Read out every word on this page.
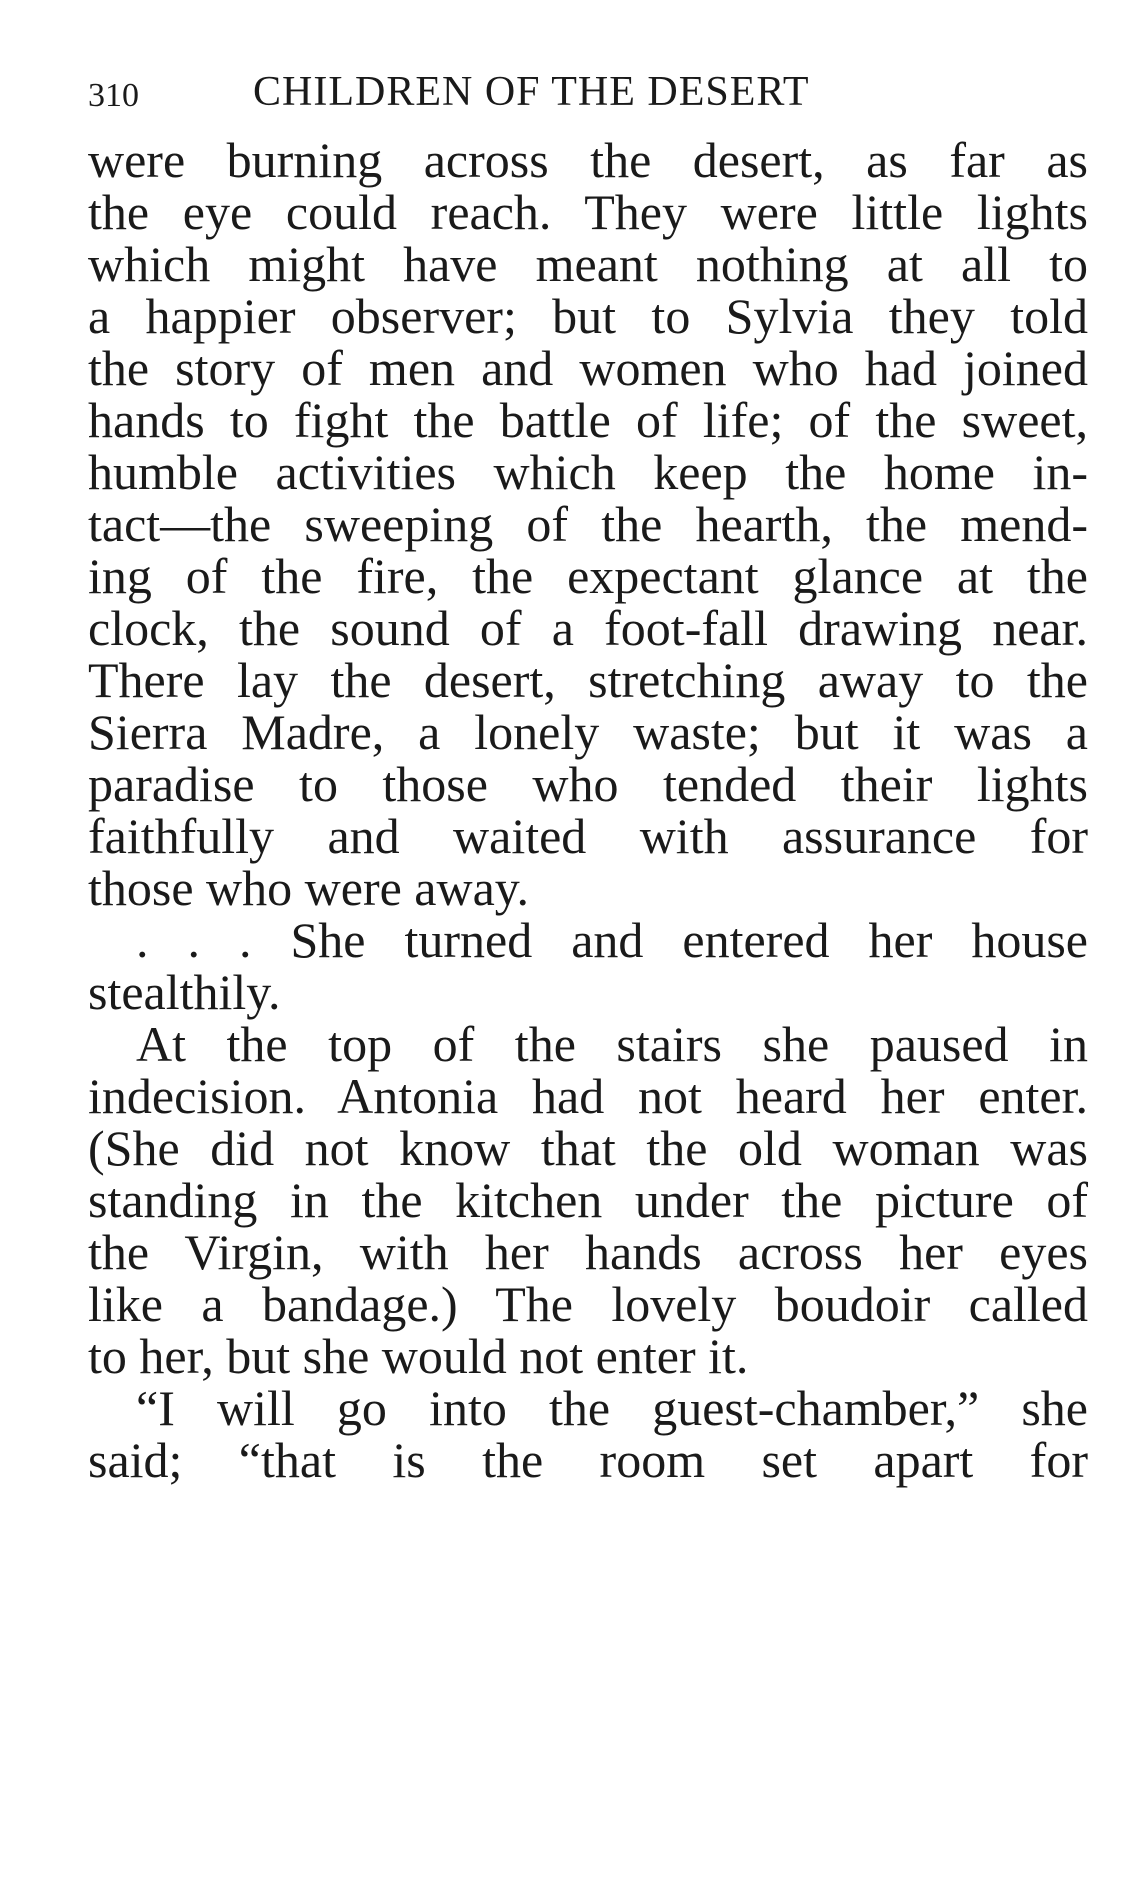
310	CHILDREN OF THE DESERT
were burning across the desert, as far as
the eye could reach. They were little lights
which might have meant nothing at all to
a happier observer; but to Sylvia they told
the story of men and women who had joined
hands to fight the battle of life; of the sweet,
humble activities which keep the home in-
tact—the sweeping of the hearth, the mend-
ing of the fire, the expectant glance at the
clock, the sound of a foot-fall drawing near.
There lay the desert, stretching away to the
Sierra Madre, a lonely waste; but it was a
paradise to those who tended their lights
faithfully and waited with assurance for
those who were away.
. . . She turned and entered her house
stealthily.
At the top of the stairs she paused in
indecision. Antonia had not heard her enter.
(She did not know that the old woman was
standing in the kitchen under the picture of
the Virgin, with her hands across her eyes
like a bandage.) The lovely boudoir called
to her, but she would not enter it.
“I will go into the guest-chamber,” she
said; “that is the room set apart for
